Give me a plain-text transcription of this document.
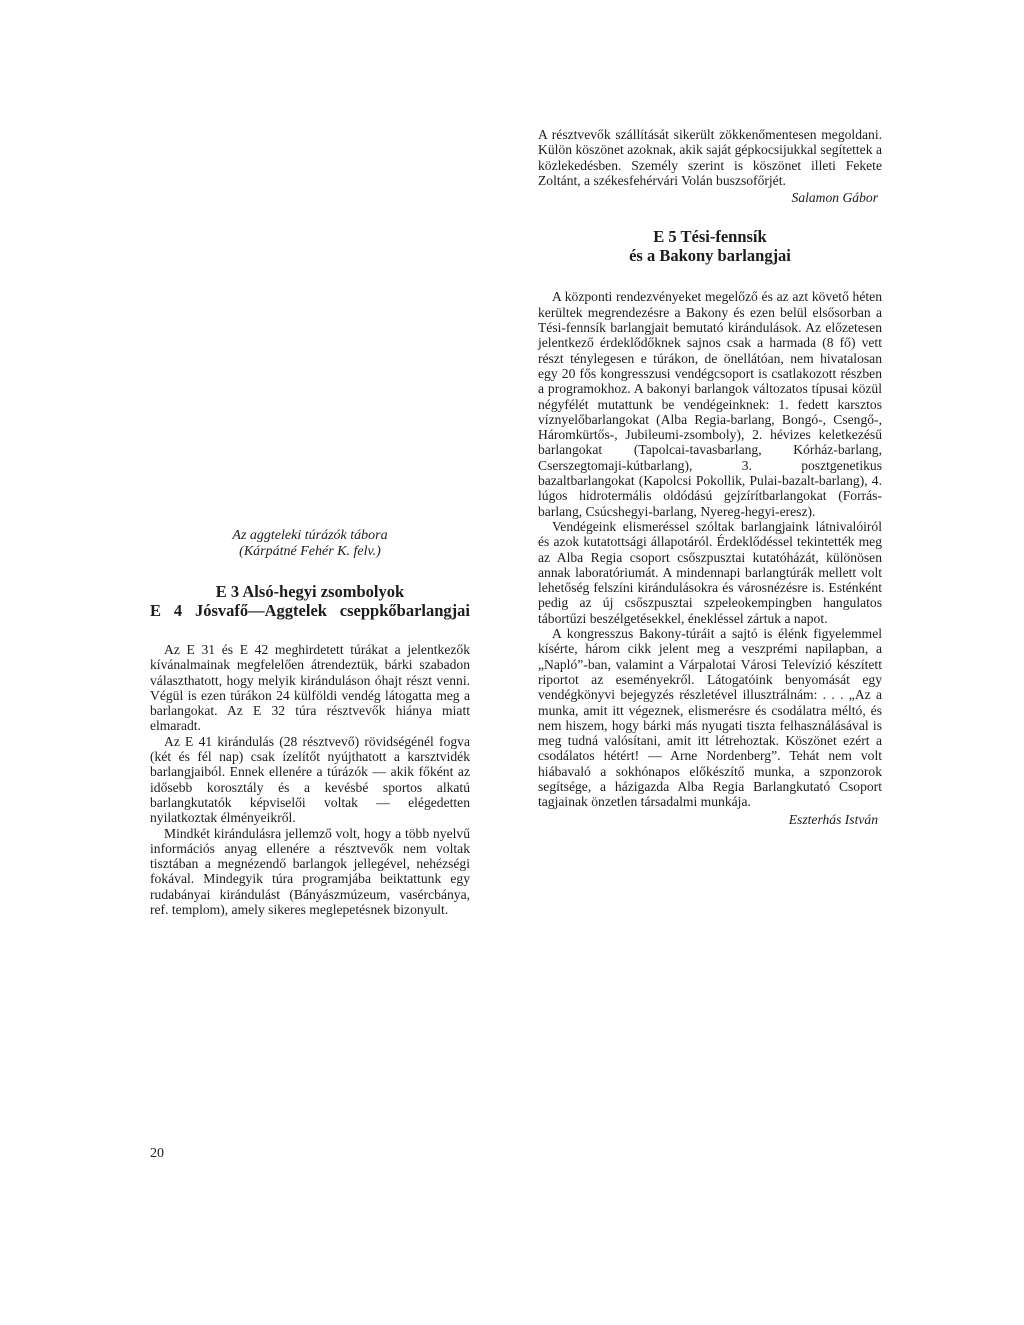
A résztvevők szállítását sikerült zökkenőmentesen megoldani. Külön köszönet azoknak, akik saját gépkocsijukkal segítettek a közlekedésben. Személy szerint is köszönet illeti Fekete Zoltánt, a székesfehérvári Volán buszsofőrjét.

Salamon Gábor

E 5 Tési-fennsík
és a Bakony barlangjai

A központi rendezvényeket megelőző és az azt követő héten kerültek megrendezésre a Bakony és ezen belül elsősorban a Tési-fennsík barlangjait bemutató kirándulások. Az előzetesen jelentkező érdeklődőknek sajnos csak a harmada (8 fő) vett részt ténylegesen e túrákon, de önellátóan, nem hivatalosan egy 20 fős kongresszusi vendégcsoport is csatlakozott részben a programokhoz. A bakonyi barlangok változatos típusai közül négyfélét mutattunk be vendégeinknek: 1. fedett karsztos víznyelőbarlangokat (Alba Regia-barlang, Bongó-, Csengő-, Háromkürtős-, Jubileumi-zsomboly), 2. hévizes keletkezésű barlangokat (Tapolcai-tavasbarlang, Kórház-barlang, Cserszegtomaji-kútbarlang), 3. posztgenetikus bazaltbarlangokat (Kapolcsi Pokollik, Pulai-bazalt-barlang), 4. lúgos hidrotermális oldódású gejzírítbarlangokat (Forrás-barlang, Csúcshegyi-barlang, Nyereg-hegyi-eresz).

Vendégeink elismeréssel szóltak barlangjaink látnivalóiról és azok kutatottsági állapotáról. Érdeklődéssel tekintették meg az Alba Regia csoport csőszpusztai kutatóházát, különösen annak laboratóriumát. A mindennapi barlangtúrák mellett volt lehetőség felszíni kirándulásokra és városnézésre is. Esténként pedig az új csőszpusztai szpeleokempingben hangulatos tábortűzi beszélgetésekkel, énekléssel zártuk a napot.

A kongresszus Bakony-túráit a sajtó is élénk figyelemmel kísérte, három cikk jelent meg a veszprémi napilapban, a „Napló”-ban, valamint a Várpalotai Városi Televízió készített riportot az eseményekről. Látogatóink benyomását egy vendégkönyvi bejegyzés részletével illusztrálnám: . . . „Az a munka, amit itt végeznek, elismerésre és csodálatra méltó, és nem hiszem, hogy bárki más nyugati tiszta felhasználásával is meg tudná valósítani, amit itt létrehoztak. Köszönet ezért a csodálatos hétért! — Arne Nordenberg”. Tehát nem volt hiábavaló a sokhónapos előkészítő munka, a szponzorok segítsége, a házigazda Alba Regia Barlangkutató Csoport tagjainak önzetlen társadalmi munkája.

Eszterhás István

Az aggteleki túrázók tábora

(Kárpátné Fehér K. felv.)

E 3 Alsó-hegyi zsombolyok
E 4 Jósvafő—Aggtelek cseppkőbarlangjai

Az E 31 és E 42 meghirdetett túrákat a jelentkezők kívánalmainak megfelelően átrendeztük, bárki szabadon választhatott, hogy melyik kiránduláson óhajt részt venni. Végül is ezen túrákon 24 külföldi vendég látogatta meg a barlangokat. Az E 32 túra résztvevők hiánya miatt elmaradt.

Az E 41 kirándulás (28 résztvevő) rövidségénél fogva (két és fél nap) csak ízelítőt nyújthatott a karsztvidék barlangjaiból. Ennek ellenére a túrázók — akik főként az idősebb korosztály és a kevésbé sportos alkatú barlangkutatók képviselői voltak — elégedetten nyilatkoztak élményeikről.

Mindkét kirándulásra jellemző volt, hogy a több nyelvű információs anyag ellenére a résztvevők nem voltak tisztában a megnézendő barlangok jellegével, nehézségi fokával. Mindegyik túra programjába beiktattunk egy rudabányai kirándulást (Bányászmúzeum, vasércbánya, ref. templom), amely sikeres meglepetésnek bizonyult.

20
